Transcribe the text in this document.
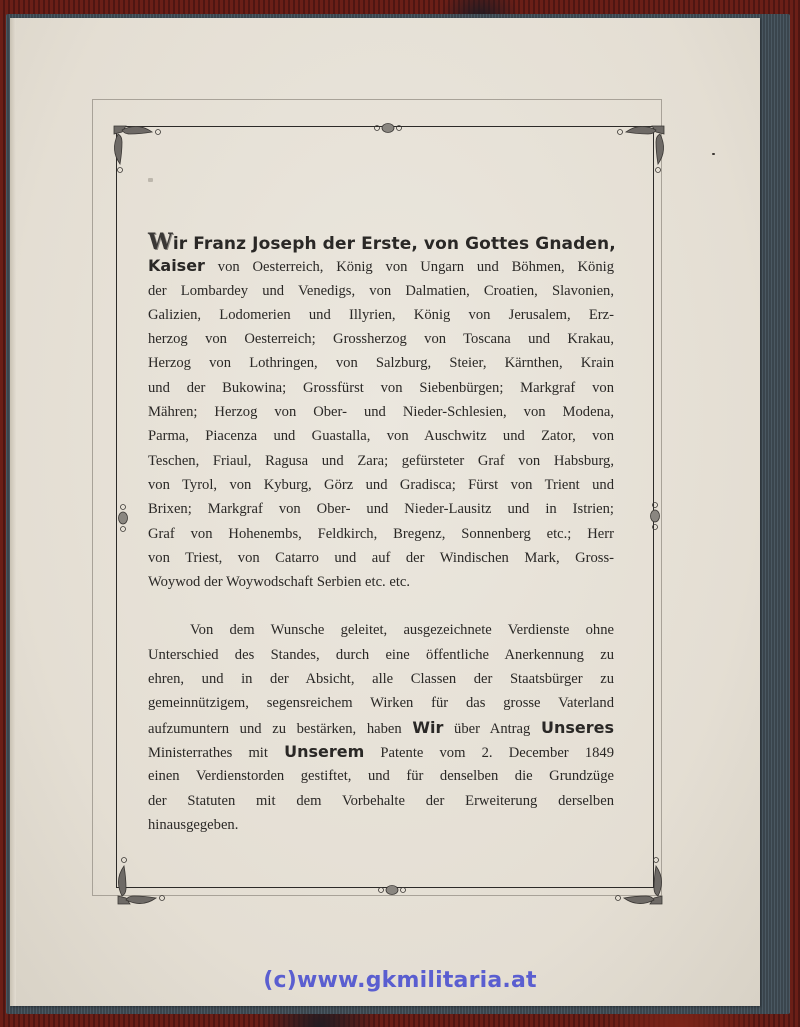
Wir Franz Joseph der Erste, von Gottes Gnaden,
Kaiser von Oesterreich, König von Ungarn und Böhmen, König
der Lombardey und Venedigs, von Dalmatien, Croatien, Slavonien,
Galizien, Lodomerien und Illyrien, König von Jerusalem, Erz-
herzog von Oesterreich; Grossherzog von Toscana und Krakau,
Herzog von Lothringen, von Salzburg, Steier, Kärnthen, Krain
und der Bukowina; Grossfürst von Siebenbürgen; Markgraf von
Mähren; Herzog von Ober- und Nieder-Schlesien, von Modena,
Parma, Piacenza und Guastalla, von Auschwitz und Zator, von
Teschen, Friaul, Ragusa und Zara; gefürsteter Graf von Habsburg,
von Tyrol, von Kyburg, Görz und Gradisca; Fürst von Trient und
Brixen; Markgraf von Ober- und Nieder-Lausitz und in Istrien;
Graf von Hohenembs, Feldkirch, Bregenz, Sonnenberg etc.; Herr
von Triest, von Catarro und auf der Windischen Mark, Gross-
Woywod der Woywodschaft Serbien etc. etc.
Von dem Wunsche geleitet, ausgezeichnete Verdienste ohne
Unterschied des Standes, durch eine öffentliche Anerkennung zu
ehren, und in der Absicht, alle Classen der Staatsbürger zu
gemeinnützigem, segensreichem Wirken für das grosse Vaterland
aufzumuntern und zu bestärken, haben Wir über Antrag Unseres
Ministerrathes mit Unserem Patente vom 2. December 1849
einen Verdienstorden gestiftet, und für denselben die Grundzüge
der Statuten mit dem Vorbehalte der Erweiterung derselben
hinausgegeben.
(c)www.gkmilitaria.at
